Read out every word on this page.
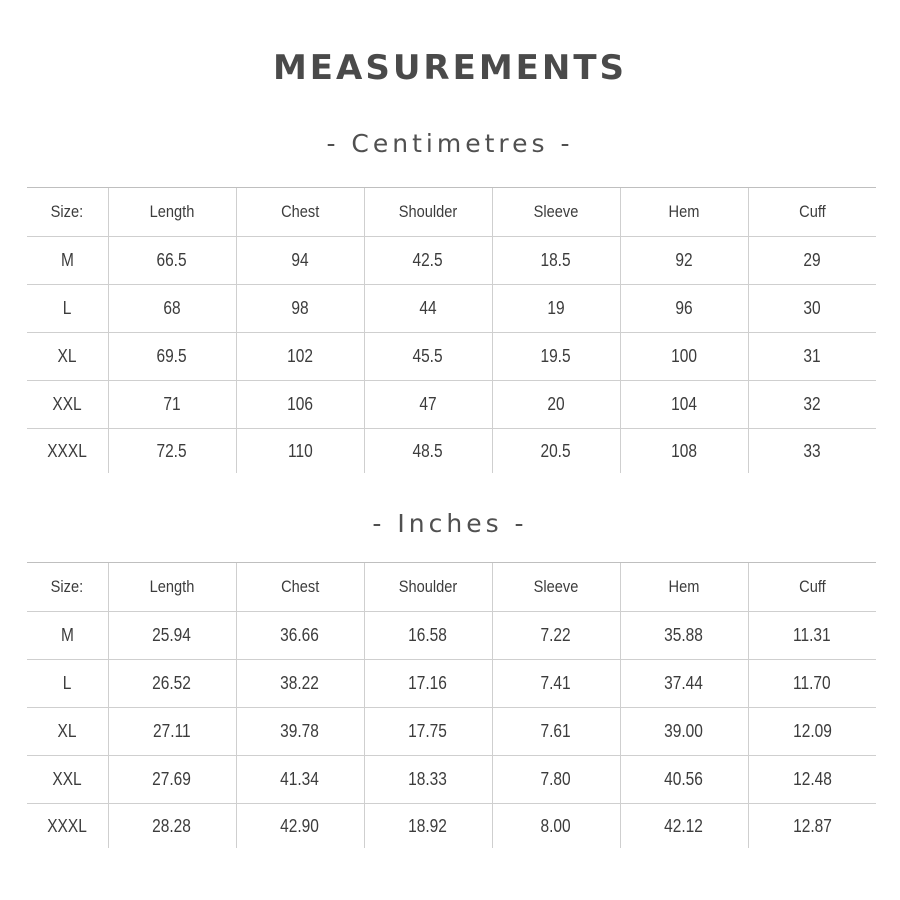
MEASUREMENTS
- Centimetres -
Size:	Length	Chest	Shoulder	Sleeve	Hem	Cuff
M	66.5	94	42.5	18.5	92	29
L	68	98	44	19	96	30
XL	69.5	102	45.5	19.5	100	31
XXL	71	106	47	20	104	32
XXXL	72.5	110	48.5	20.5	108	33
- Inches -
Size:	Length	Chest	Shoulder	Sleeve	Hem	Cuff
M	25.94	36.66	16.58	7.22	35.88	11.31
L	26.52	38.22	17.16	7.41	37.44	11.70
XL	27.11	39.78	17.75	7.61	39.00	12.09
XXL	27.69	41.34	18.33	7.80	40.56	12.48
XXXL	28.28	42.90	18.92	8.00	42.12	12.87
